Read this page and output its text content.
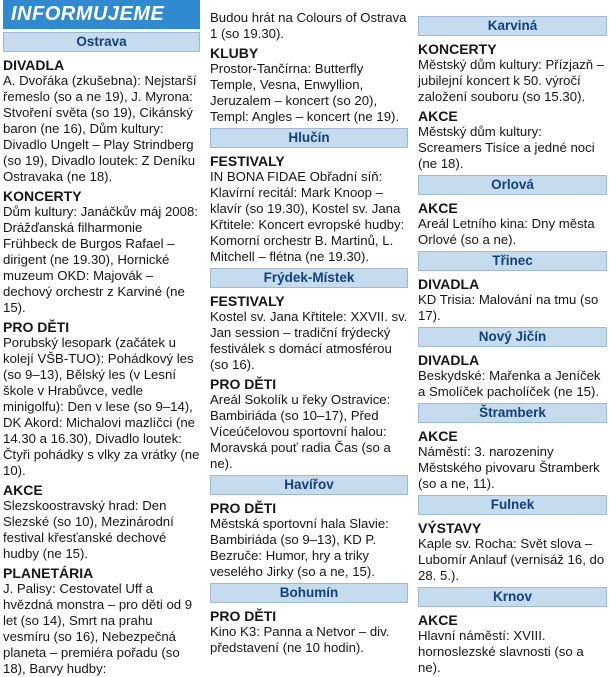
INFORMUJEME
Ostrava
DIVADLA
A. Dvořáka (zkušebna): Nejstarší řemeslo (so a ne 19), J. Myrona: Stvoření světa (so 19), Cikánský baron (ne 16), Dům kultury: Divadlo Ungelt – Play Strindberg (so 19), Divadlo loutek: Z Deníku Ostravaka (ne 18).
KONCERTY
Dům kultury: Janáčkův máj 2008: Drážďanská filharmonie Frühbeck de Burgos Rafael – dirigent (ne 19.30), Hornické muzeum OKD: Majovák – dechový orchestr z Karviné (ne 15).
PRO DĚTI
Porubský lesopark (začátek u kolejí VŠB-TUO): Pohádkový les (so 9–13), Bělský les (v Lesní škole v Hrabůvce, vedle minigolfu): Den v lese (so 9–14), DK Akord: Michalovi mazlíčci (ne 14.30 a 16.30), Divadlo loutek: Čtyři pohádky s vlky za vrátky (ne 10).
AKCE
Slezskoostravský hrad: Den Slezské (so 10), Mezinárodní festival křesťanské dechové hudby (ne 15).
PLANETÁRIA
J. Palisy: Cestovatel Uff a hvězdná monstra – pro děti od 9 let (so 14), Smrt na prahu vesmíru (so 16), Nebezpečná planeta – premiéra pořadu (so 18), Barvy hudby:
Budou hrát na Colours of Ostrava 1 (so 19.30).
KLUBY
Prostor-Tančírna: Butterfly Temple, Vesna, Enwyllion, Jeruzalem – koncert (so 20), Templ: Angles – koncert (ne 19).
Hlučín
FESTIVALY
IN BONA FIDAE Obřadní síň: Klavírní recitál: Mark Knoop – klavír (so 19.30), Kostel sv. Jana Křtitele: Koncert evropské hudby: Komorní orchestr B. Martinů, L. Mitchell – flétna (ne 19.30).
Frýdek-Místek
FESTIVALY
Kostel sv. Jana Křtitele: XXVII. sv. Jan session – tradiční frýdecký festiválek s domácí atmosférou (so 16).
PRO DĚTI
Areál Sokolík u řeky Ostravice: Bambiriáda (so 10–17), Před Víceúčelovou sportovní halou: Moravská pouť radia Čas (so a ne).
Havířov
PRO DĚTI
Městská sportovní hala Slavie: Bambiriáda (so 9–13), KD P. Bezruče: Humor, hry a triky veselého Jirky (so a ne, 15).
Bohumín
PRO DĚTI
Kino K3: Panna a Netvor – div. představení (ne 10 hodin).
Karviná
KONCERTY
Městský dům kultury: Přízjazň – jubilejní koncert k 50. výročí založení souboru (so 15.30).
AKCE
Městský dům kultury: Screamers Tisíce a jedné noci (ne 18).
Orlová
AKCE
Areál Letního kina: Dny města Orlové (so a ne).
Třinec
DIVADLA
KD Trisia: Malování na tmu (so 17).
Nový Jičín
DIVADLA
Beskydské: Mařenka a Jeníček a Smolíček pacholíček (ne 15).
Štramberk
AKCE
Náměstí: 3. narozeniny Městského pivovaru Štramberk (so a ne, 11).
Fulnek
VÝSTAVY
Kaple sv. Rocha: Svět slova – Lubomír Anlauf (vernisáž 16, do 28. 5.).
Krnov
AKCE
Hlavní náměstí: XVIII. hornoslezské slavnosti (so a ne).
